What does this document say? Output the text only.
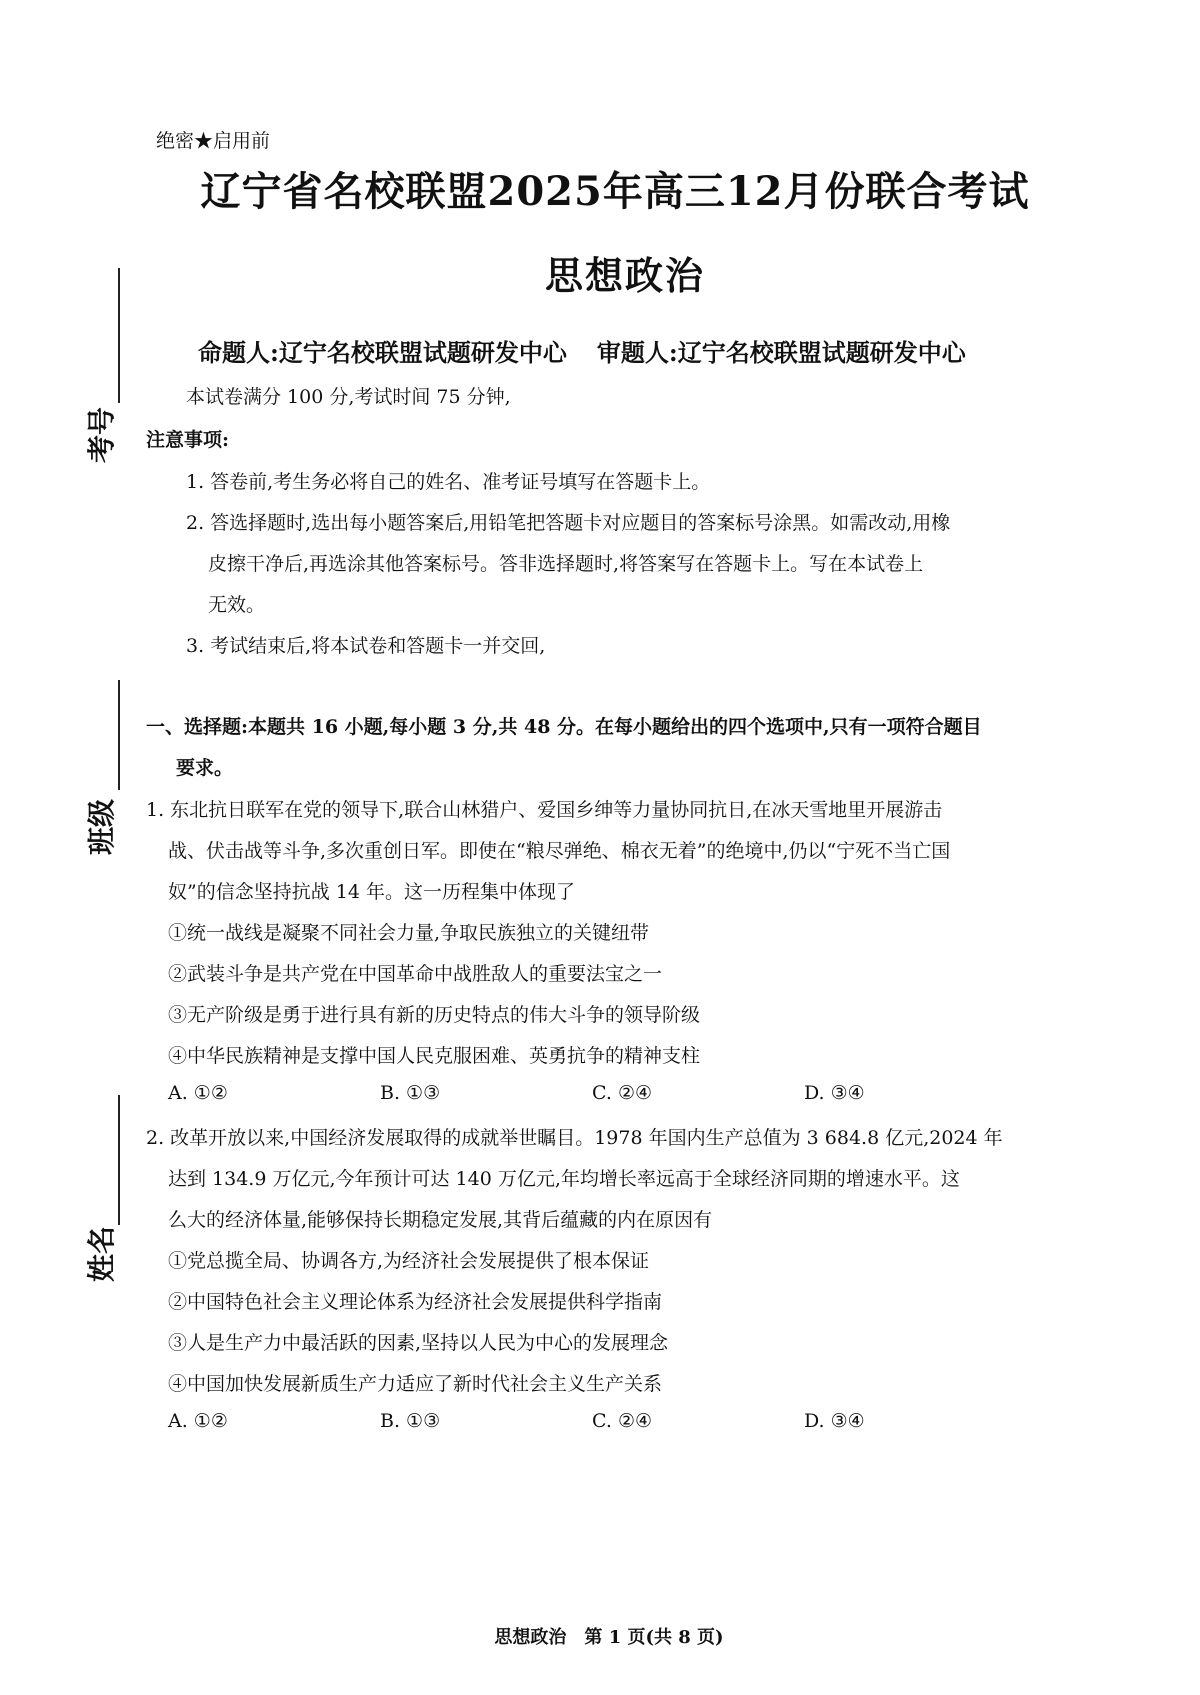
绝密★启用前
辽宁省名校联盟2025年高三12月份联合考试
思想政治
命题人:辽宁名校联盟试题研发中心 审题人:辽宁名校联盟试题研发中心
考号
班级
姓名
本试卷满分 100 分,考试时间 75 分钟,
注意事项:
1. 答卷前,考生务必将自己的姓名、准考证号填写在答题卡上。
2. 答选择题时,选出每小题答案后,用铅笔把答题卡对应题目的答案标号涂黑。如需改动,用橡
皮擦干净后,再选涂其他答案标号。答非选择题时,将答案写在答题卡上。写在本试卷上
无效。
3. 考试结束后,将本试卷和答题卡一并交回,
一、选择题:本题共 16 小题,每小题 3 分,共 48 分。在每小题给出的四个选项中,只有一项符合题目
要求。
1. 东北抗日联军在党的领导下,联合山林猎户、爱国乡绅等力量协同抗日,在冰天雪地里开展游击
战、伏击战等斗争,多次重创日军。即使在“粮尽弹绝、棉衣无着”的绝境中,仍以“宁死不当亡国
奴”的信念坚持抗战 14 年。这一历程集中体现了
①统一战线是凝聚不同社会力量,争取民族独立的关键纽带
②武装斗争是共产党在中国革命中战胜敌人的重要法宝之一
③无产阶级是勇于进行具有新的历史特点的伟大斗争的领导阶级
④中华民族精神是支撑中国人民克服困难、英勇抗争的精神支柱
A. ①②	B. ①③	C. ②④	D. ③④
2. 改革开放以来,中国经济发展取得的成就举世瞩目。1978 年国内生产总值为 3 684.8 亿元,2024 年
达到 134.9 万亿元,今年预计可达 140 万亿元,年均增长率远高于全球经济同期的增速水平。这
么大的经济体量,能够保持长期稳定发展,其背后蕴藏的内在原因有
①党总揽全局、协调各方,为经济社会发展提供了根本保证
②中国特色社会主义理论体系为经济社会发展提供科学指南
③人是生产力中最活跃的因素,坚持以人民为中心的发展理念
④中国加快发展新质生产力适应了新时代社会主义生产关系
A. ①②	B. ①③	C. ②④	D. ③④
思想政治　第 1 页(共 8 页)
